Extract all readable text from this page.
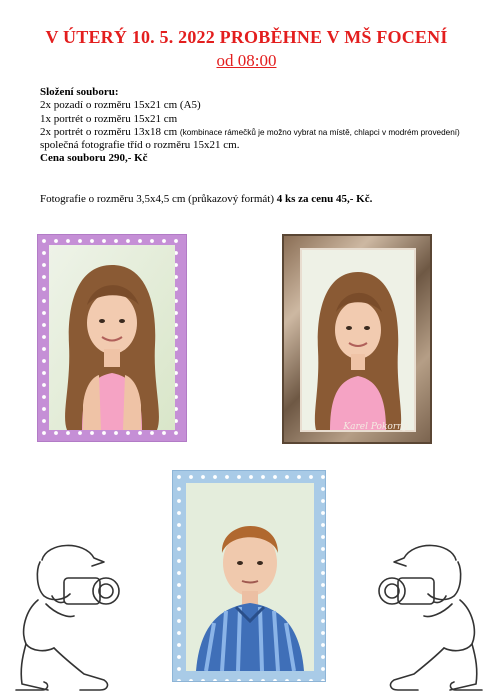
V ÚTERÝ 10. 5. 2022 PROBĚHNE V MŠ FOCENÍ
od 08:00
Složení souboru:
2x pozadí o rozměru 15x21 cm (A5)
1x portrét o rozměru 15x21 cm
2x portrét o rozměru 13x18 cm (kombinace rámečků je možno vybrat na místě, chlapci v modrém provedení)
společná fotografie tříd o rozměru 15x21 cm.
Cena souboru 290,- Kč
Fotografie o rozměru 3,5x4,5 cm (průkazový formát) 4 ks za cenu 45,- Kč.
Karel Pokorný
